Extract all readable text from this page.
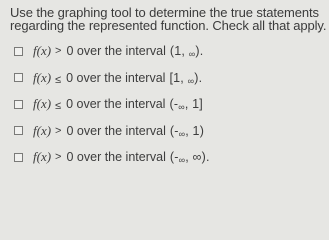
Use the graphing tool to determine the true statements
regarding the represented function. Check all that apply.

f(x) > 0 over the interval (1, ∞).
f(x) ≤ 0 over the interval [1, ∞).
f(x) ≤ 0 over the interval (-∞, 1]
f(x) > 0 over the interval (-∞, 1)
f(x) > 0 over the interval (-∞, ∞).
